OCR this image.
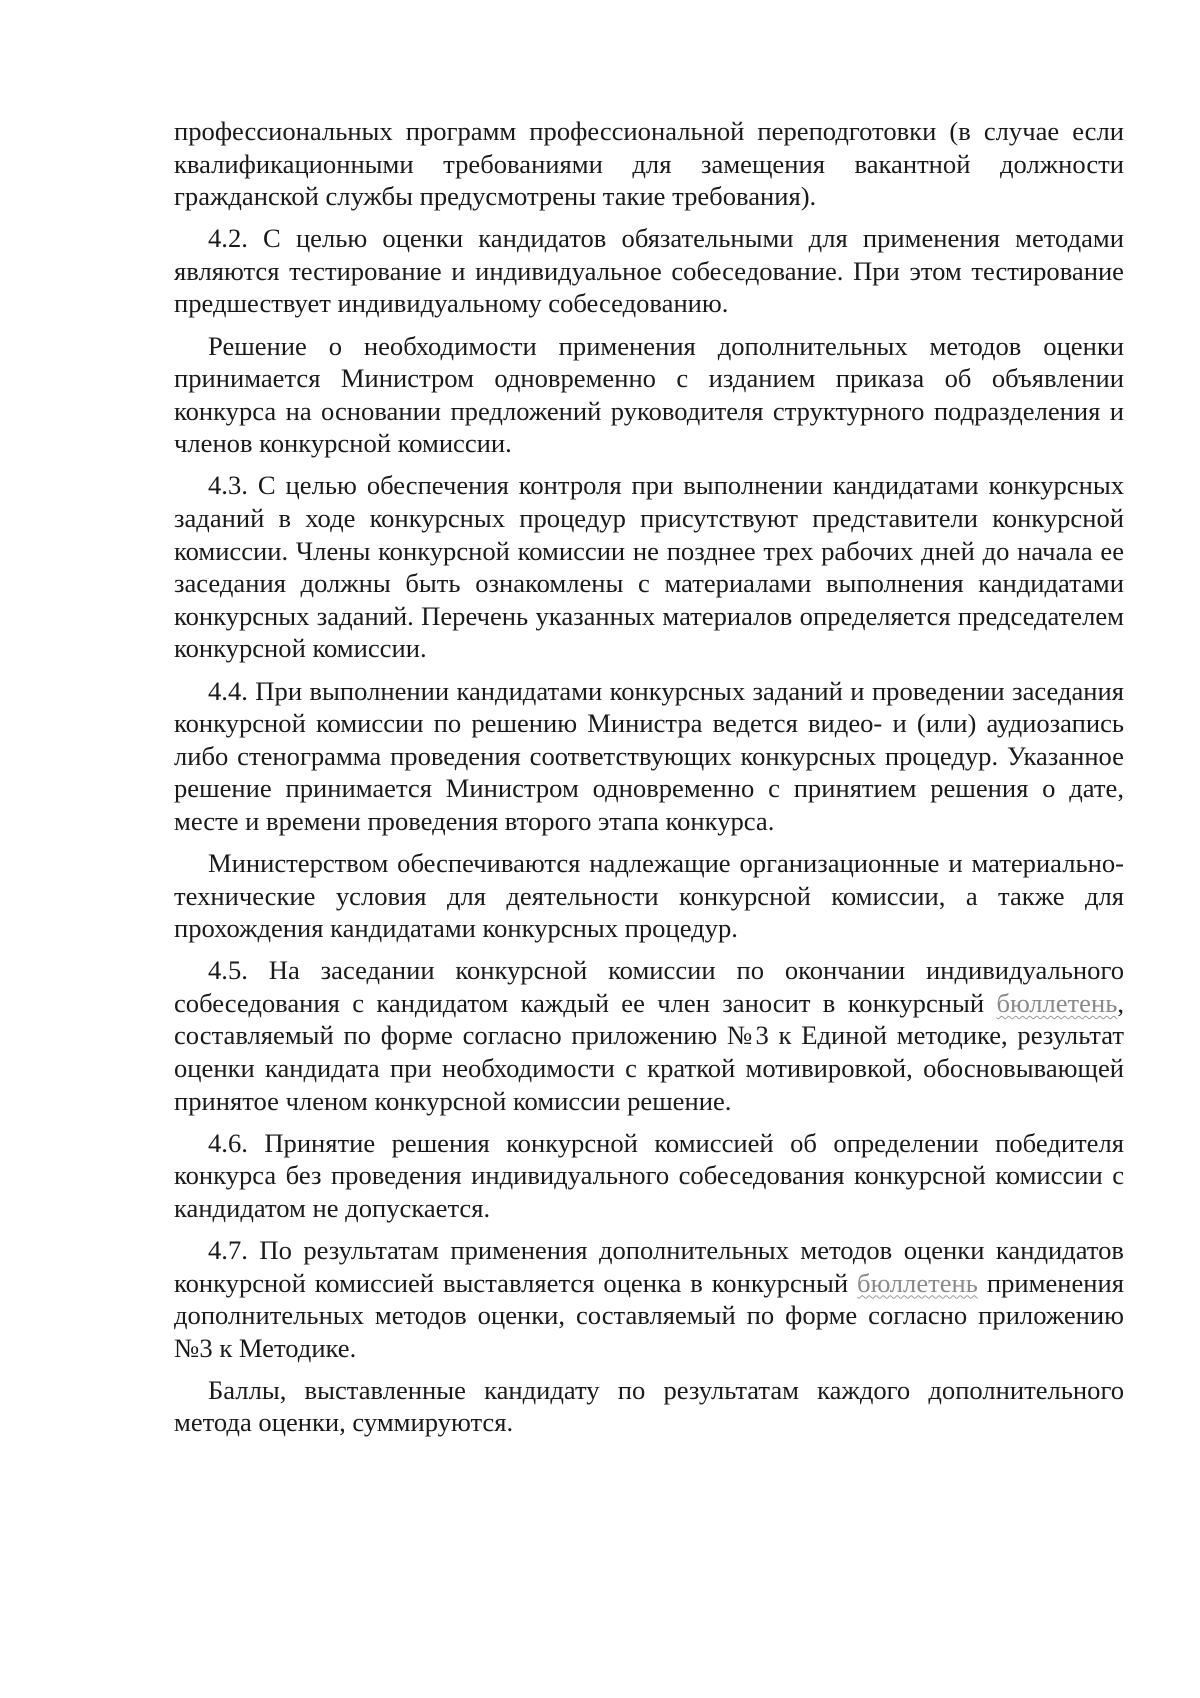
профессиональных программ профессиональной переподготовки (в случае если квалификационными требованиями для замещения вакантной должности гражданской службы предусмотрены такие требования).

4.2. С целью оценки кандидатов обязательными для применения методами являются тестирование и индивидуальное собеседование. При этом тестирование предшествует индивидуальному собеседованию.

Решение о необходимости применения дополнительных методов оценки принимается Министром одновременно с изданием приказа об объявлении конкурса на основании предложений руководителя структурного подразделения и членов конкурсной комиссии.

4.3. С целью обеспечения контроля при выполнении кандидатами конкурсных заданий в ходе конкурсных процедур присутствуют представители конкурсной комиссии. Члены конкурсной комиссии не позднее трех рабочих дней до начала ее заседания должны быть ознакомлены с материалами выполнения кандидатами конкурсных заданий. Перечень указанных материалов определяется председателем конкурсной комиссии.

4.4. При выполнении кандидатами конкурсных заданий и проведении заседания конкурсной комиссии по решению Министра ведется видео- и (или) аудиозапись либо стенограмма проведения соответствующих конкурсных процедур. Указанное решение принимается Министром одновременно с принятием решения о дате, месте и времени проведения второго этапа конкурса.

Министерством обеспечиваются надлежащие организационные и материально-технические условия для деятельности конкурсной комиссии, а также для прохождения кандидатами конкурсных процедур.

4.5. На заседании конкурсной комиссии по окончании индивидуального собеседования с кандидатом каждый ее член заносит в конкурсный бюллетень, составляемый по форме согласно приложению №3 к Единой методике, результат оценки кандидата при необходимости с краткой мотивировкой, обосновывающей принятое членом конкурсной комиссии решение.

4.6. Принятие решения конкурсной комиссией об определении победителя конкурса без проведения индивидуального собеседования конкурсной комиссии с кандидатом не допускается.

4.7. По результатам применения дополнительных методов оценки кандидатов конкурсной комиссией выставляется оценка в конкурсный бюллетень применения дополнительных методов оценки, составляемый по форме согласно приложению №3 к Методике.

Баллы, выставленные кандидату по результатам каждого дополнительного метода оценки, суммируются.
